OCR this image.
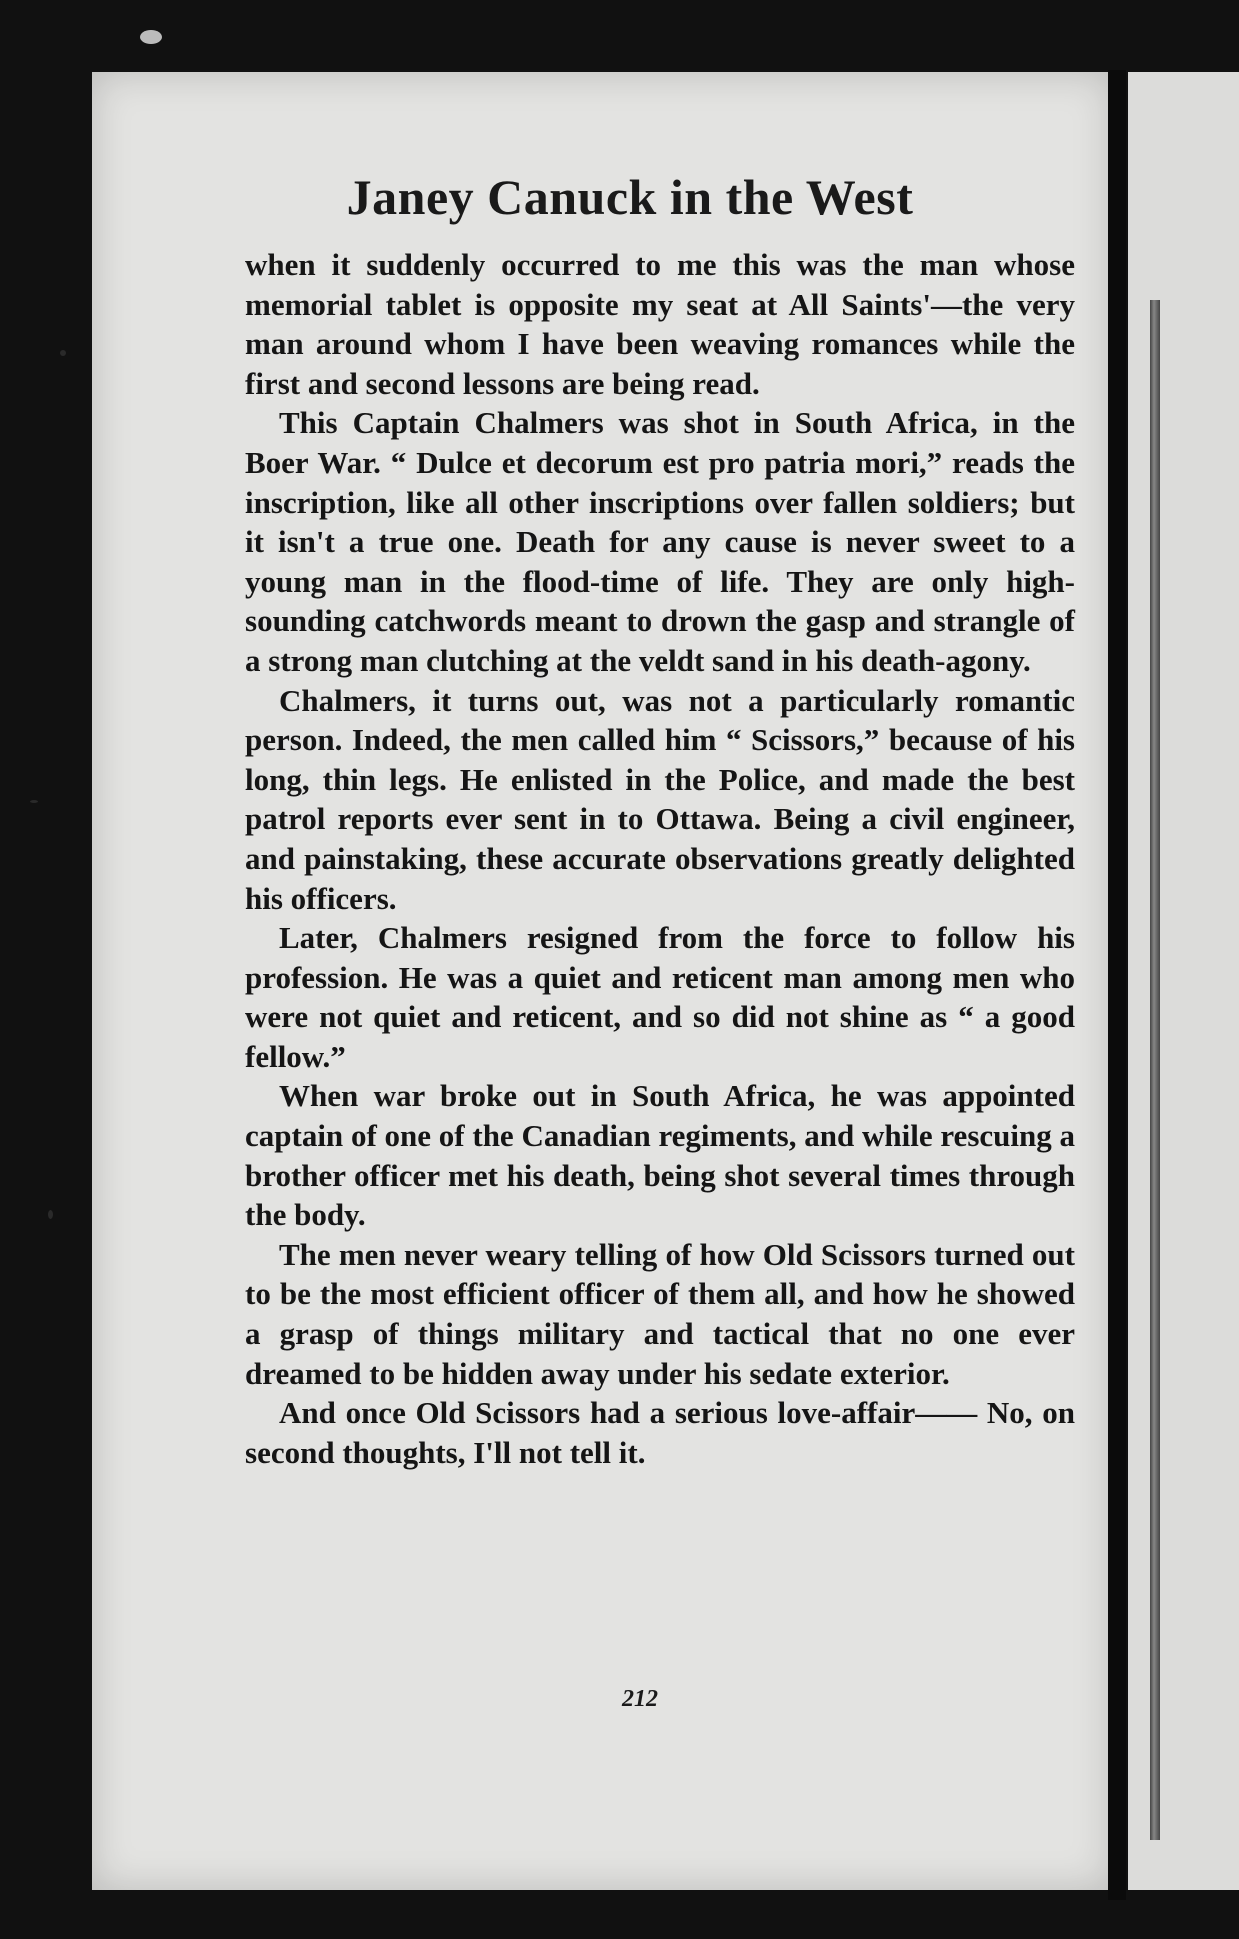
Janey Canuck in the West

when it suddenly occurred to me this was the man whose memorial tablet is opposite my seat at All Saints'—the very man around whom I have been weaving romances while the first and second lessons are being read.

This Captain Chalmers was shot in South Africa, in the Boer War. “ Dulce et decorum est pro patria mori,” reads the inscription, like all other inscriptions over fallen soldiers; but it isn't a true one. Death for any cause is never sweet to a young man in the flood-time of life. They are only high-sounding catchwords meant to drown the gasp and strangle of a strong man clutching at the veldt sand in his death-agony.

Chalmers, it turns out, was not a particularly romantic person. Indeed, the men called him “ Scissors,” because of his long, thin legs. He enlisted in the Police, and made the best patrol reports ever sent in to Ottawa. Being a civil engineer, and painstaking, these accurate observations greatly delighted his officers.

Later, Chalmers resigned from the force to follow his profession. He was a quiet and reticent man among men who were not quiet and reticent, and so did not shine as “ a good fellow.”

When war broke out in South Africa, he was appointed captain of one of the Canadian regiments, and while rescuing a brother officer met his death, being shot several times through the body.

The men never weary telling of how Old Scissors turned out to be the most efficient officer of them all, and how he showed a grasp of things military and tactical that no one ever dreamed to be hidden away under his sedate exterior.

And once Old Scissors had a serious love-affair—— No, on second thoughts, I'll not tell it.

212
